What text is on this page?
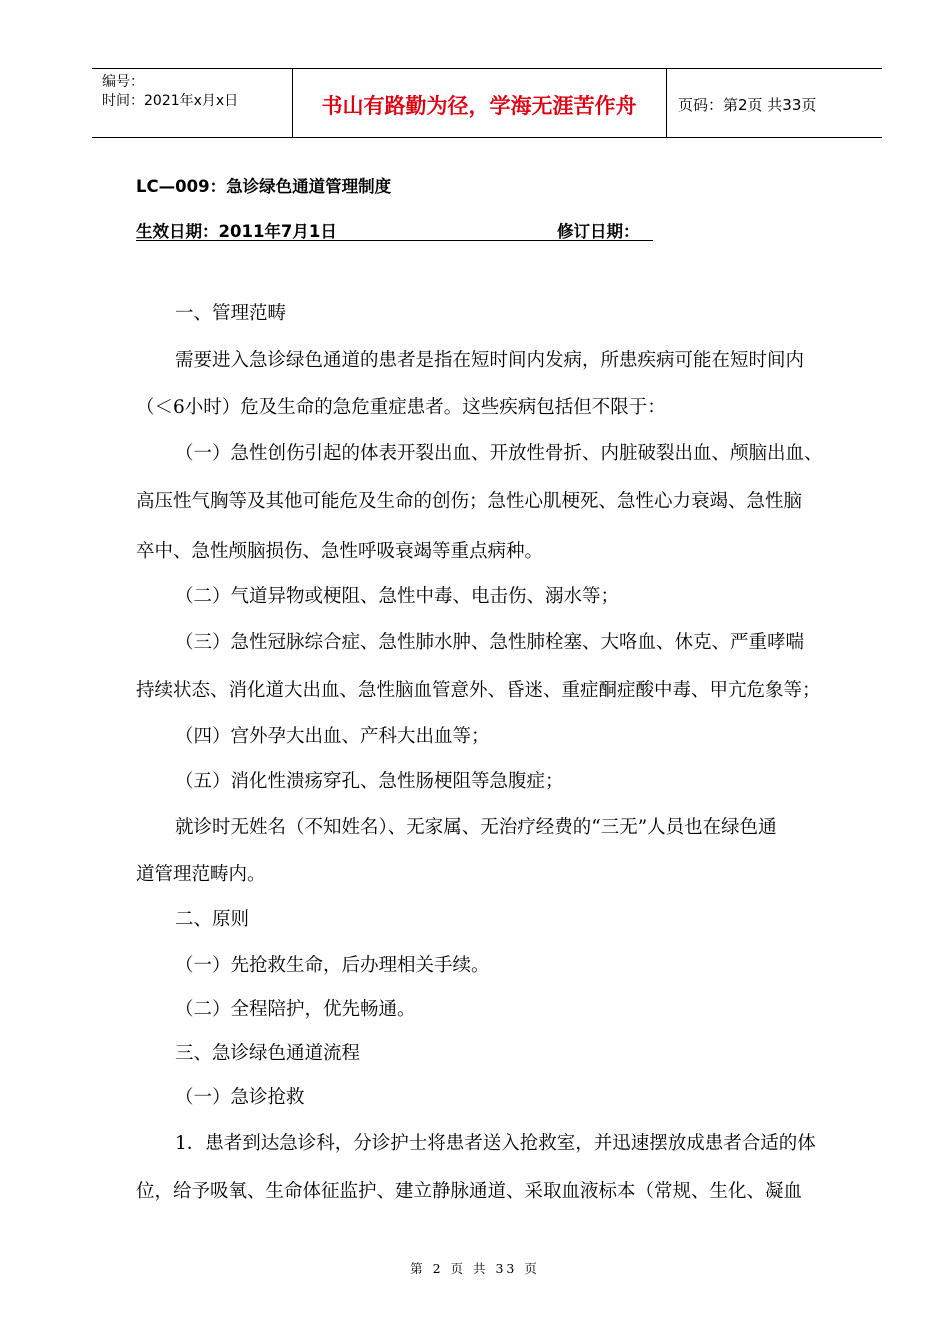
编号：
时间：2021年x月x日	书山有路勤为径，学海无涯苦作舟	页码：第2页 共33页
LC—009：急诊绿色通道管理制度
生效日期：2011年7月1日	修订日期：
一、管理范畴
需要进入急诊绿色通道的患者是指在短时间内发病，所患疾病可能在短时间内
（＜6小时）危及生命的急危重症患者。这些疾病包括但不限于：
（一）急性创伤引起的体表开裂出血、开放性骨折、内脏破裂出血、颅脑出血、
高压性气胸等及其他可能危及生命的创伤；急性心肌梗死、急性心力衰竭、急性脑
卒中、急性颅脑损伤、急性呼吸衰竭等重点病种。
（二）气道异物或梗阻、急性中毒、电击伤、溺水等；
（三）急性冠脉综合症、急性肺水肿、急性肺栓塞、大咯血、休克、严重哮喘
持续状态、消化道大出血、急性脑血管意外、昏迷、重症酮症酸中毒、甲亢危象等；
（四）宫外孕大出血、产科大出血等；
（五）消化性溃疡穿孔、急性肠梗阻等急腹症；
就诊时无姓名（不知姓名）、无家属、无治疗经费的“三无”人员也在绿色通
道管理范畴内。
二、原则
（一）先抢救生命，后办理相关手续。
（二）全程陪护，优先畅通。
三、急诊绿色通道流程
（一）急诊抢救
1．患者到达急诊科，分诊护士将患者送入抢救室，并迅速摆放成患者合适的体
位，给予吸氧、生命体征监护、建立静脉通道、采取血液标本（常规、生化、凝血
第 2 页 共 33 页
